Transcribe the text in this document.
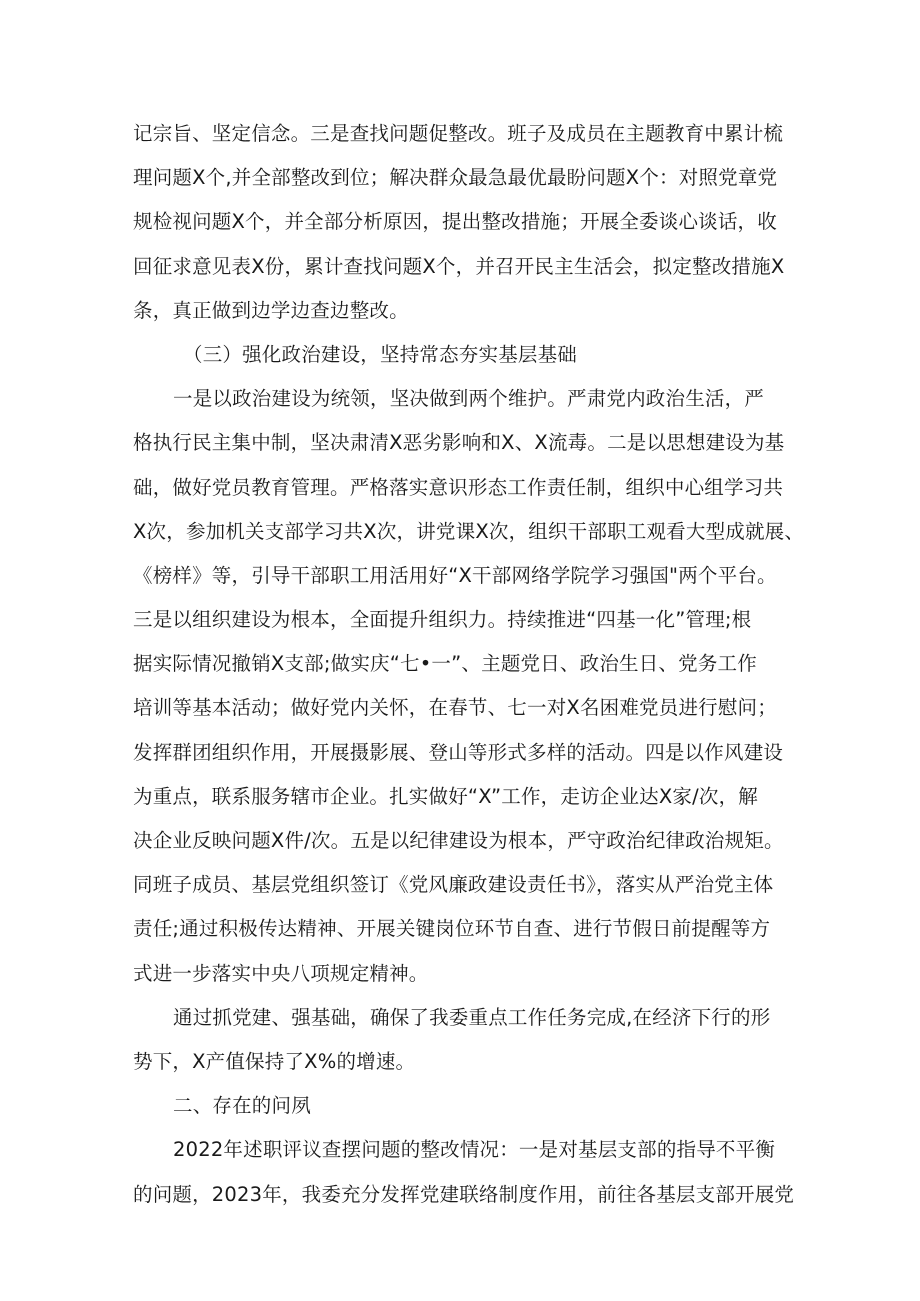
记宗旨、坚定信念。三是查找问题促整改。班子及成员在主题教育中累计梳
理问题X个,并全部整改到位；解决群众最急最优最盼问题X个：对照党章党
规检视问题X个，并全部分析原因，提出整改措施；开展全委谈心谈话，收
回征求意见表X份，累计查找问题X个，并召开民主生活会，拟定整改措施X
条，真正做到边学边查边整改。
（三）强化政治建设，坚持常态夯实基层基础
一是以政治建设为统领，坚决做到两个维护。严肃党内政治生活，严
格执行民主集中制，坚决肃清X恶劣影响和X、X流毒。二是以思想建设为基
础，做好党员教育管理。严格落实意识形态工作责任制，组织中心组学习共
X次，参加机关支部学习共X次，讲党课X次，组织干部职工观看大型成就展、
《榜样》等，引导干部职工用活用好“X干部网络学院学习强国"两个平台。
三是以组织建设为根本，全面提升组织力。持续推进“四基一化”管理;根
据实际情况撤销X支部;做实庆“七•一”、主题党日、政治生日、党务工作
培训等基本活动；做好党内关怀，在春节、七一对X名困难党员进行慰问；
发挥群团组织作用，开展摄影展、登山等形式多样的活动。四是以作风建设
为重点，联系服务辖市企业。扎实做好“X”工作，走访企业达X家/次，解
决企业反映问题X件/次。五是以纪律建设为根本，严守政治纪律政治规矩。
同班子成员、基层党组织签订《党风廉政建设责任书》，落实从严治党主体
责任;通过积极传达精神、开展关键岗位环节自查、进行节假日前提醒等方
式进一步落实中央八项规定精神。
通过抓党建、强基础，确保了我委重点工作任务完成,在经济下行的形
势下，X产值保持了X%的增速。
二、存在的问夙
2022年述职评议查摆问题的整改情况：一是对基层支部的指导不平衡
的问题，2023年，我委充分发挥党建联络制度作用，前往各基层支部开展党
